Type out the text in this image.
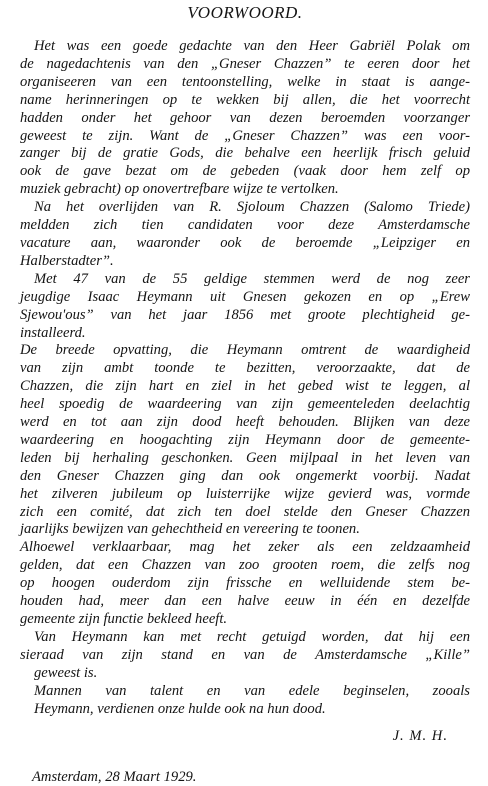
VOORWOORD.
Het was een goede gedachte van den Heer Gabriël Polak om
de nagedachtenis van den „Gneser Chazzen” te eeren door het
organiseeren van een tentoonstelling, welke in staat is aange-
name herinneringen op te wekken bij allen, die het voorrecht
hadden onder het gehoor van dezen beroemden voorzanger
geweest te zijn. Want de „Gneser Chazzen” was een voor-
zanger bij de gratie Gods, die behalve een heerlijk frisch geluid
ook de gave bezat om de gebeden (vaak door hem zelf op
muziek gebracht) op onovertrefbare wijze te vertolken.
Na het overlijden van R. Sjoloum Chazzen (Salomo Triede)
meldden zich tien candidaten voor deze Amsterdamsche
vacature aan, waaronder ook de beroemde „Leipziger en
Halberstadter”.
Met 47 van de 55 geldige stemmen werd de nog zeer
jeugdige Isaac Heymann uit Gnesen gekozen en op „Erew
Sjewou'ous” van het jaar 1856 met groote plechtigheid ge-
installeerd.
De breede opvatting, die Heymann omtrent de waardigheid
van zijn ambt toonde te bezitten, veroorzaakte, dat de
Chazzen, die zijn hart en ziel in het gebed wist te leggen, al
heel spoedig de waardeering van zijn gemeenteleden deelachtig
werd en tot aan zijn dood heeft behouden. Blijken van deze
waardeering en hoogachting zijn Heymann door de gemeente-
leden bij herhaling geschonken. Geen mijlpaal in het leven van
den Gneser Chazzen ging dan ook ongemerkt voorbij. Nadat
het zilveren jubileum op luisterrijke wijze gevierd was, vormde
zich een comité, dat zich ten doel stelde den Gneser Chazzen
jaarlijks bewijzen van gehechtheid en vereering te toonen.
Alhoewel verklaarbaar, mag het zeker als een zeldzaamheid
gelden, dat een Chazzen van zoo grooten roem, die zelfs nog
op hoogen ouderdom zijn frissche en welluidende stem be-
houden had, meer dan een halve eeuw in één en dezelfde
gemeente zijn functie bekleed heeft.
Van Heymann kan met recht getuigd worden, dat hij een
sieraad van zijn stand en van de Amsterdamsche „Kille”
geweest is.
Mannen van talent en van edele beginselen, zooals
Heymann, verdienen onze hulde ook na hun dood.
J. M. H.
Amsterdam, 28 Maart 1929.
